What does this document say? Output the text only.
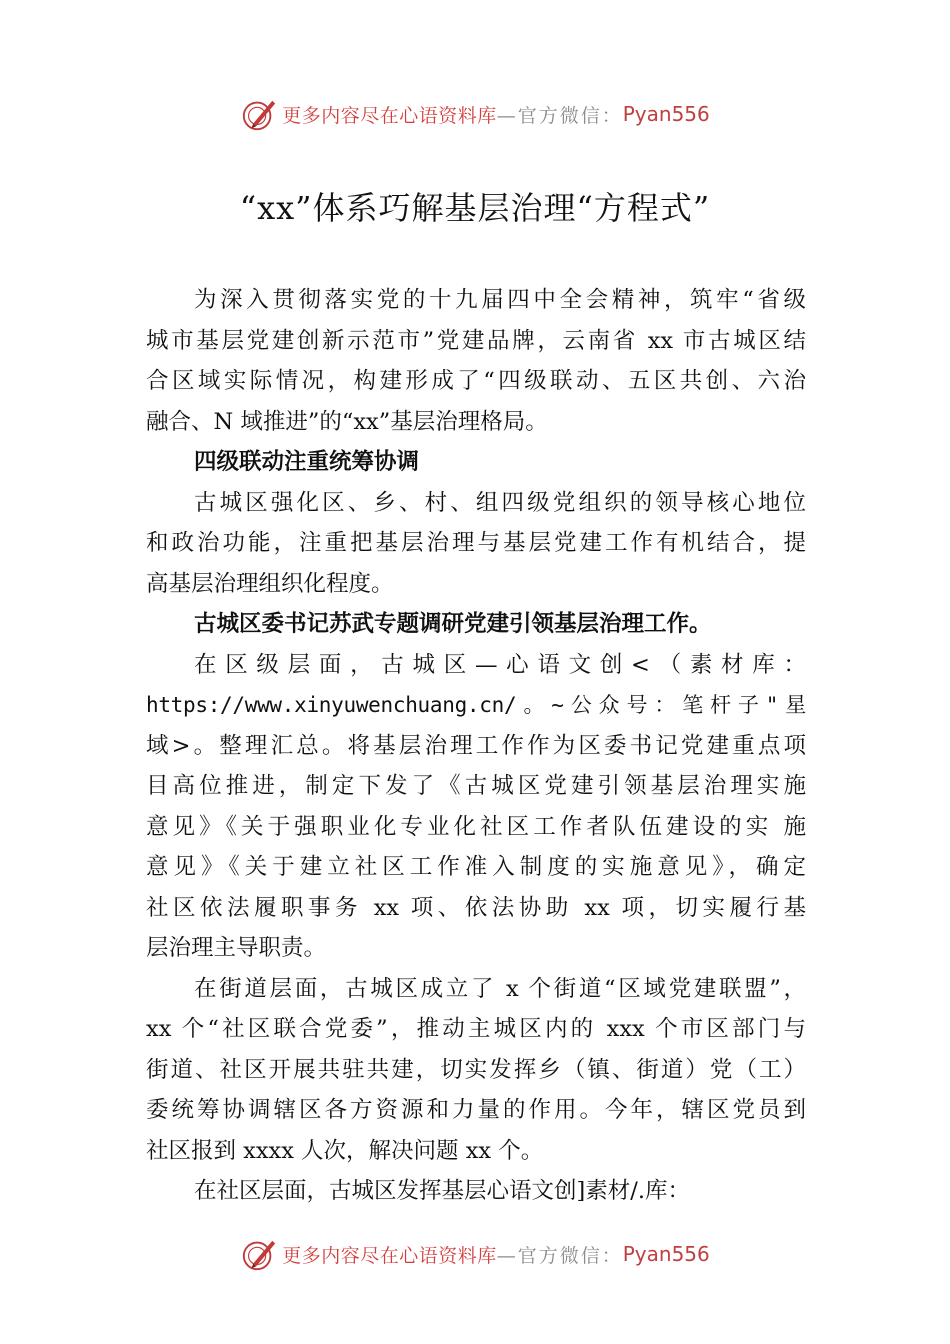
更多内容尽在心语资料库 —官方微信： Pyan556
“xx”体系巧解基层治理“方程式”
为深入贯彻落实党的十九届四中全会精神，筑牢“省级
城市基层党建创新示范市”党建品牌，云南省 xx 市古城区结
合区域实际情况，构建形成了“四级联动、五区共创、六治
融合、N 域推进”的“xx”基层治理格局。
四级联动注重统筹协调
古城区强化区、乡、村、组四级党组织的领导核心地位
和政治功能，注重把基层治理与基层党建工作有机结合，提
高基层治理组织化程度。
古城区委书记苏武专题调研党建引领基层治理工作。
在区级层面，古城区—心语文创<（素材库：
https://www.xinyuwenchuang.cn/。~公众号：笔杆子"星
域>。整理汇总。将基层治理工作作为区委书记党建重点项
目高位推进，制定下发了《古城区党建引领基层治理实施
意见》《关于强职业化专业化社区工作者队伍建设的实 施
意见》《关于建立社区工作准入制度的实施意见》，确定
社区依法履职事务 xx 项、依法协助 xx 项，切实履行基
层治理主导职责。
在街道层面，古城区成立了 x 个街道“区域党建联盟”，
xx 个“社区联合党委”，推动主城区内的 xxx 个市区部门与
街道、社区开展共驻共建，切实发挥乡（镇、街道）党（工）
委统筹协调辖区各方资源和力量的作用。今年，辖区党员到
社区报到 xxxx 人次，解决问题 xx 个。
在社区层面，古城区发挥基层心语文创]素材/.库：
更多内容尽在心语资料库 —官方微信： Pyan556
